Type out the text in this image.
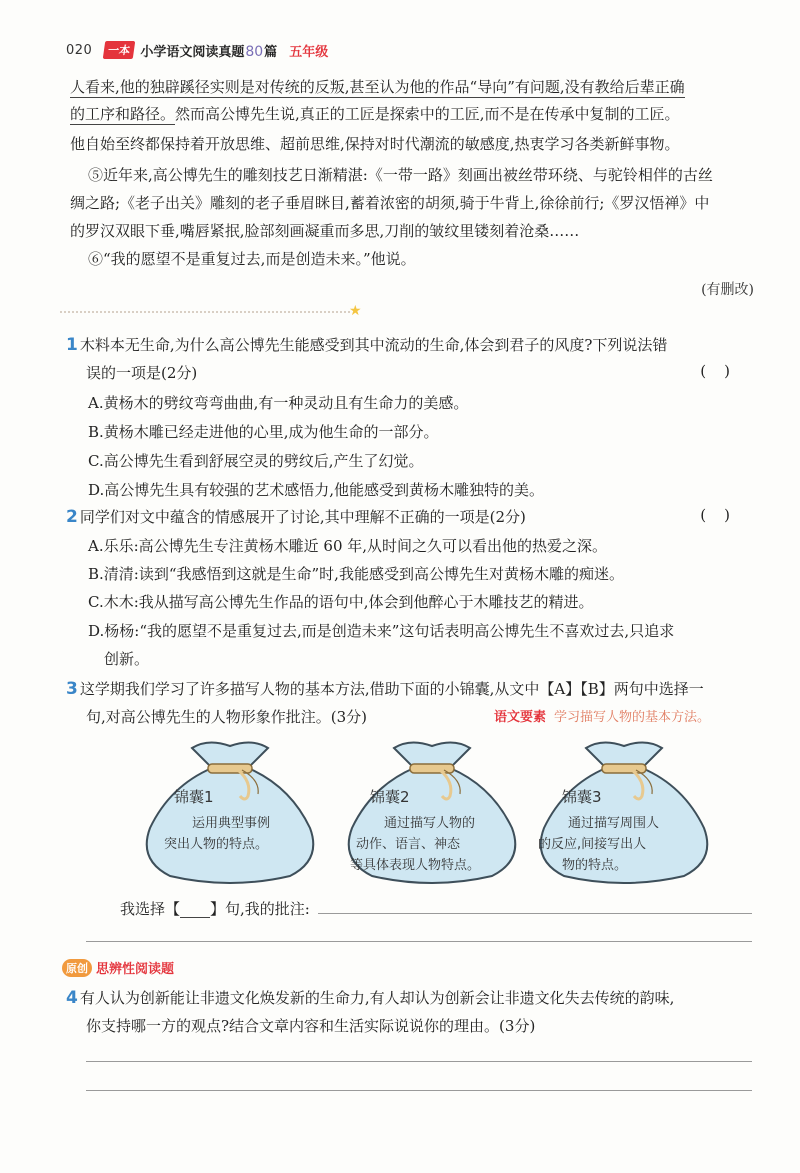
020	一本 小学语文阅读真题80篇 五年级
人看来,他的独辟蹊径实则是对传统的反叛,甚至认为他的作品“导向”有问题,没有教给后辈正确
的工序和路径。然而高公博先生说,真正的工匠是探索中的工匠,而不是在传承中复制的工匠。
他自始至终都保持着开放思维、超前思维,保持对时代潮流的敏感度,热衷学习各类新鲜事物。
⑤近年来,高公博先生的雕刻技艺日渐精湛:《一带一路》刻画出被丝带环绕、与驼铃相伴的古丝
绸之路;《老子出关》雕刻的老子垂眉眯目,蓄着浓密的胡须,骑于牛背上,徐徐前行;《罗汉悟禅》中
的罗汉双眼下垂,嘴唇紧抿,脸部刻画凝重而多思,刀削的皱纹里镂刻着沧桑……
⑥“我的愿望不是重复过去,而是创造未来。”他说。
(有删改)
★
1 木料本无生命,为什么高公博先生能感受到其中流动的生命,体会到君子的风度?下列说法错
误的一项是(2分)	()
A.黄杨木的劈纹弯弯曲曲,有一种灵动且有生命力的美感。
B.黄杨木雕已经走进他的心里,成为他生命的一部分。
C.高公博先生看到舒展空灵的劈纹后,产生了幻觉。
D.高公博先生具有较强的艺术感悟力,他能感受到黄杨木雕独特的美。
2 同学们对文中蕴含的情感展开了讨论,其中理解不正确的一项是(2分)	()
A.乐乐:高公博先生专注黄杨木雕近 60 年,从时间之久可以看出他的热爱之深。
B.清清:读到“我感悟到这就是生命”时,我能感受到高公博先生对黄杨木雕的痴迷。
C.木木:我从描写高公博先生作品的语句中,体会到他醉心于木雕技艺的精进。
D.杨杨:“我的愿望不是重复过去,而是创造未来”这句话表明高公博先生不喜欢过去,只追求
创新。
3 这学期我们学习了许多描写人物的基本方法,借助下面的小锦囊,从文中【A】【B】两句中选择一
句,对高公博先生的人物形象作批注。(3分)	语文要素 学习描写人物的基本方法。
锦囊1
运用典型事例
突出人物的特点。
锦囊2
通过描写人物的
动作、语言、神态
等具体表现人物特点。
锦囊3
通过描写周围人
的反应,间接写出人
物的特点。
我选择【 】句,我的批注:
原创 思辨性阅读题
4 有人认为创新能让非遗文化焕发新的生命力,有人却认为创新会让非遗文化失去传统的韵味,
你支持哪一方的观点?结合文章内容和生活实际说说你的理由。(3分)
